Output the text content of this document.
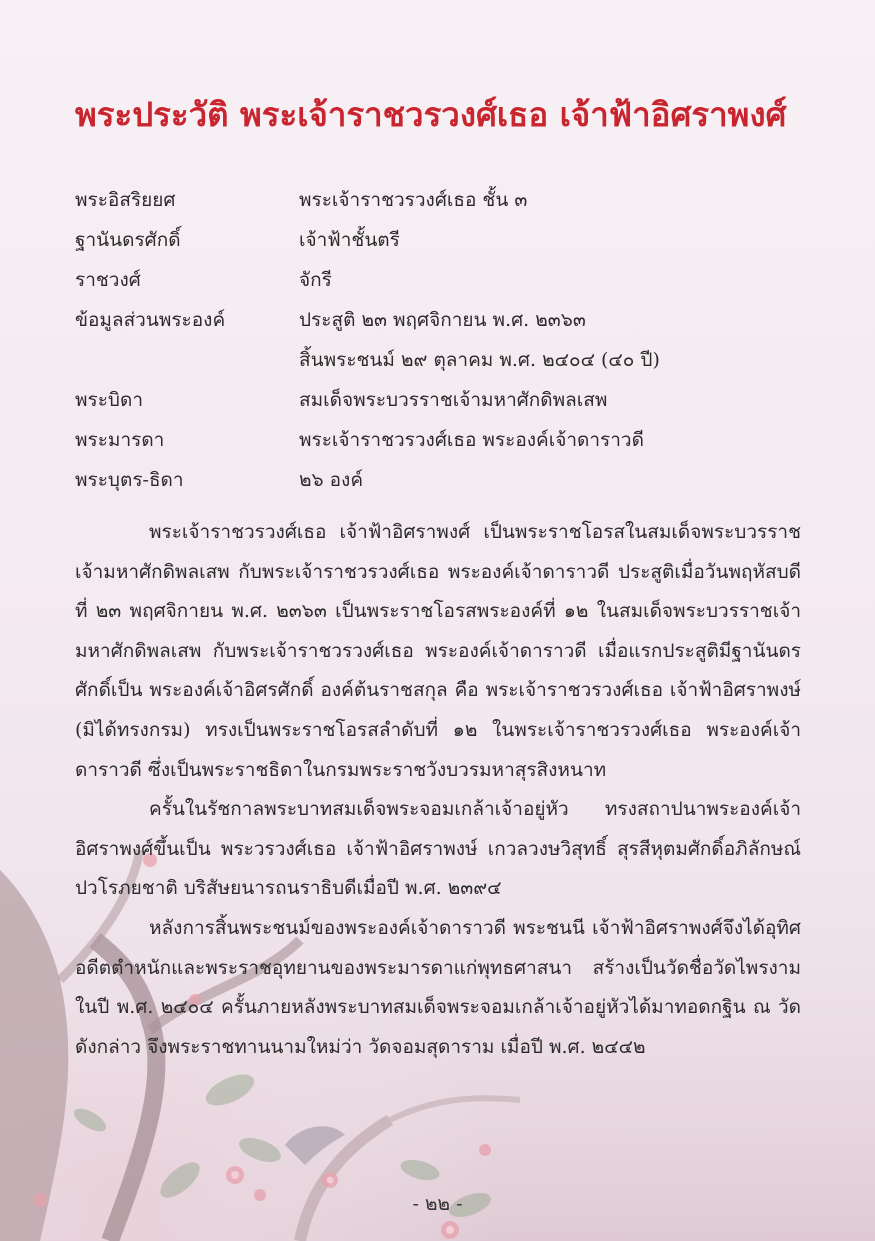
พระประวัติ พระเจ้าราชวรวงศ์เธอ เจ้าฟ้าอิศราพงศ์
พระอิสริยยศ	พระเจ้าราชวรวงศ์เธอ ชั้น ๓
ฐานันดรศักดิ์	เจ้าฟ้าชั้นตรี
ราชวงศ์	จักรี
ข้อมูลส่วนพระองค์	ประสูติ ๒๓ พฤศจิกายน พ.ศ. ๒๓๖๓
สิ้นพระชนม์ ๒๙ ตุลาคม พ.ศ. ๒๔๐๔ (๔๐ ปี)
พระบิดา	สมเด็จพระบวรราชเจ้ามหาศักดิพลเสพ
พระมารดา	พระเจ้าราชวรวงศ์เธอ พระองค์เจ้าดาราวดี
พระบุตร-ธิดา	๒๖ องค์

พระเจ้าราชวรวงศ์เธอ เจ้าฟ้าอิศราพงศ์ เป็นพระราชโอรสในสมเด็จพระบวรราชเจ้ามหาศักดิพลเสพ กับพระเจ้าราชวรวงศ์เธอ พระองค์เจ้าดาราวดี ประสูติเมื่อวันพฤหัสบดีที่ ๒๓ พฤศจิกายน พ.ศ. ๒๓๖๓ เป็นพระราชโอรสพระองค์ที่ ๑๒ ในสมเด็จพระบวรราชเจ้ามหาศักดิพลเสพ กับพระเจ้าราชวรวงศ์เธอ พระองค์เจ้าดาราวดี เมื่อแรกประสูติมีฐานันดรศักดิ์เป็น พระองค์เจ้าอิศรศักดิ์ องค์ต้นราชสกุล คือ พระเจ้าราชวรวงศ์เธอ เจ้าฟ้าอิศราพงษ์ (มิได้ทรงกรม) ทรงเป็นพระราชโอรสลำดับที่ ๑๒ ในพระเจ้าราชวรวงศ์เธอ พระองค์เจ้าดาราวดี ซึ่งเป็นพระราชธิดาในกรมพระราชวังบวรมหาสุรสิงหนาท

ครั้นในรัชกาลพระบาทสมเด็จพระจอมเกล้าเจ้าอยู่หัว ทรงสถาปนาพระองค์เจ้าอิศราพงศ์ขึ้นเป็น พระวรวงศ์เธอ เจ้าฟ้าอิศราพงษ์ เกวลวงษวิสุทธิ์ สุรสีหุตมศักดิ์อภิลักษณ์ปวโรภยชาติ บริสัษยนารถนราธิบดีเมื่อปี พ.ศ. ๒๓๙๔

หลังการสิ้นพระชนม์ของพระองค์เจ้าดาราวดี พระชนนี เจ้าฟ้าอิศราพงศ์จึงได้อุทิศอดีตตำหนักและพระราชอุทยานของพระมารดาแก่พุทธศาสนา สร้างเป็นวัดชื่อวัดไพรงามในปี พ.ศ. ๒๔๐๔ ครั้นภายหลังพระบาทสมเด็จพระจอมเกล้าเจ้าอยู่หัวได้มาทอดกฐิน ณ วัดดังกล่าว จึงพระราชทานนามใหม่ว่า วัดจอมสุดาราม เมื่อปี พ.ศ. ๒๔๔๒

- ๒๒ -
